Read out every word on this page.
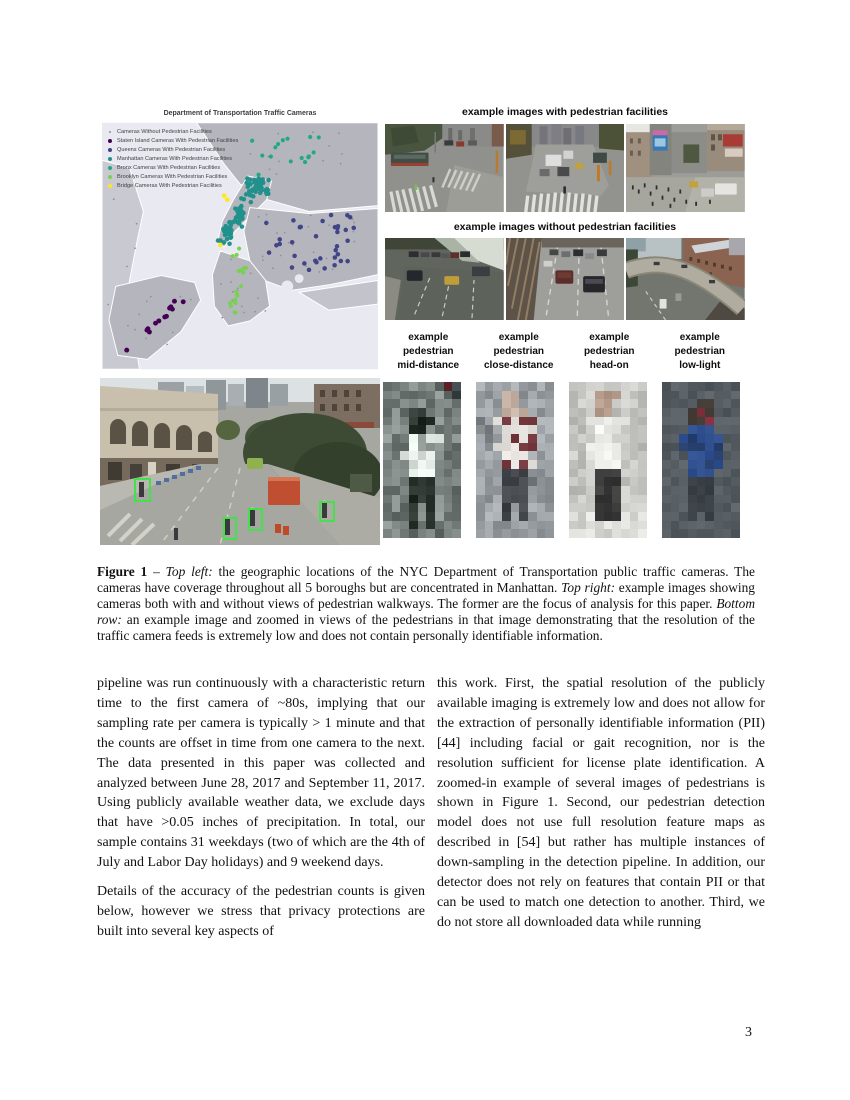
Department of Transportation Traffic Cameras
Cameras Without Pedestrian Facilities
Staten Island Cameras With Pedestrian Facilities
Queens Cameras With Pedestrian Facilities
Manhattan Cameras With Pedestrian Facilities
Bronx Cameras With Pedestrian Facilities
Brooklyn Cameras With Pedestrian Facilities
Bridge Cameras With Pedestrian Facilities
example images with pedestrian facilities
example images without pedestrian facilities
example
pedestrian
mid-distance
example
pedestrian
close-distance
example
pedestrian
head-on
example
pedestrian
low-light

Figure 1 – Top left: the geographic locations of the NYC Department of Transportation public traffic cameras. The cameras have coverage throughout all 5 boroughs but are concentrated in Manhattan. Top right: example images showing cameras both with and without views of pedestrian walkways. The former are the focus of analysis for this paper. Bottom row: an example image and zoomed in views of the pedestrians in that image demonstrating that the resolution of the traffic camera feeds is extremely low and does not contain personally identifiable information.

pipeline was run continuously with a characteristic return time to the first camera of ~80s, implying that our sampling rate per camera is typically > 1 minute and that the counts are offset in time from one camera to the next. The data presented in this paper was collected and analyzed between June 28, 2017 and September 11, 2017. Using publicly available weather data, we exclude days that have >0.05 inches of precipitation. In total, our sample contains 31 weekdays (two of which are the 4th of July and Labor Day holidays) and 9 weekend days.

Details of the accuracy of the pedestrian counts is given below, however we stress that privacy protections are built into several key aspects of

this work. First, the spatial resolution of the publicly available imaging is extremely low and does not allow for the extraction of personally identifiable information (PII) [44] including facial or gait recognition, nor is the resolution sufficient for license plate identification. A zoomed-in example of several images of pedestrians is shown in Figure 1. Second, our pedestrian detection model does not use full resolution feature maps as described in [54] but rather has multiple instances of down-sampling in the detection pipeline. In addition, our detector does not rely on features that contain PII or that can be used to match one detection to another. Third, we do not store all downloaded data while running

3
